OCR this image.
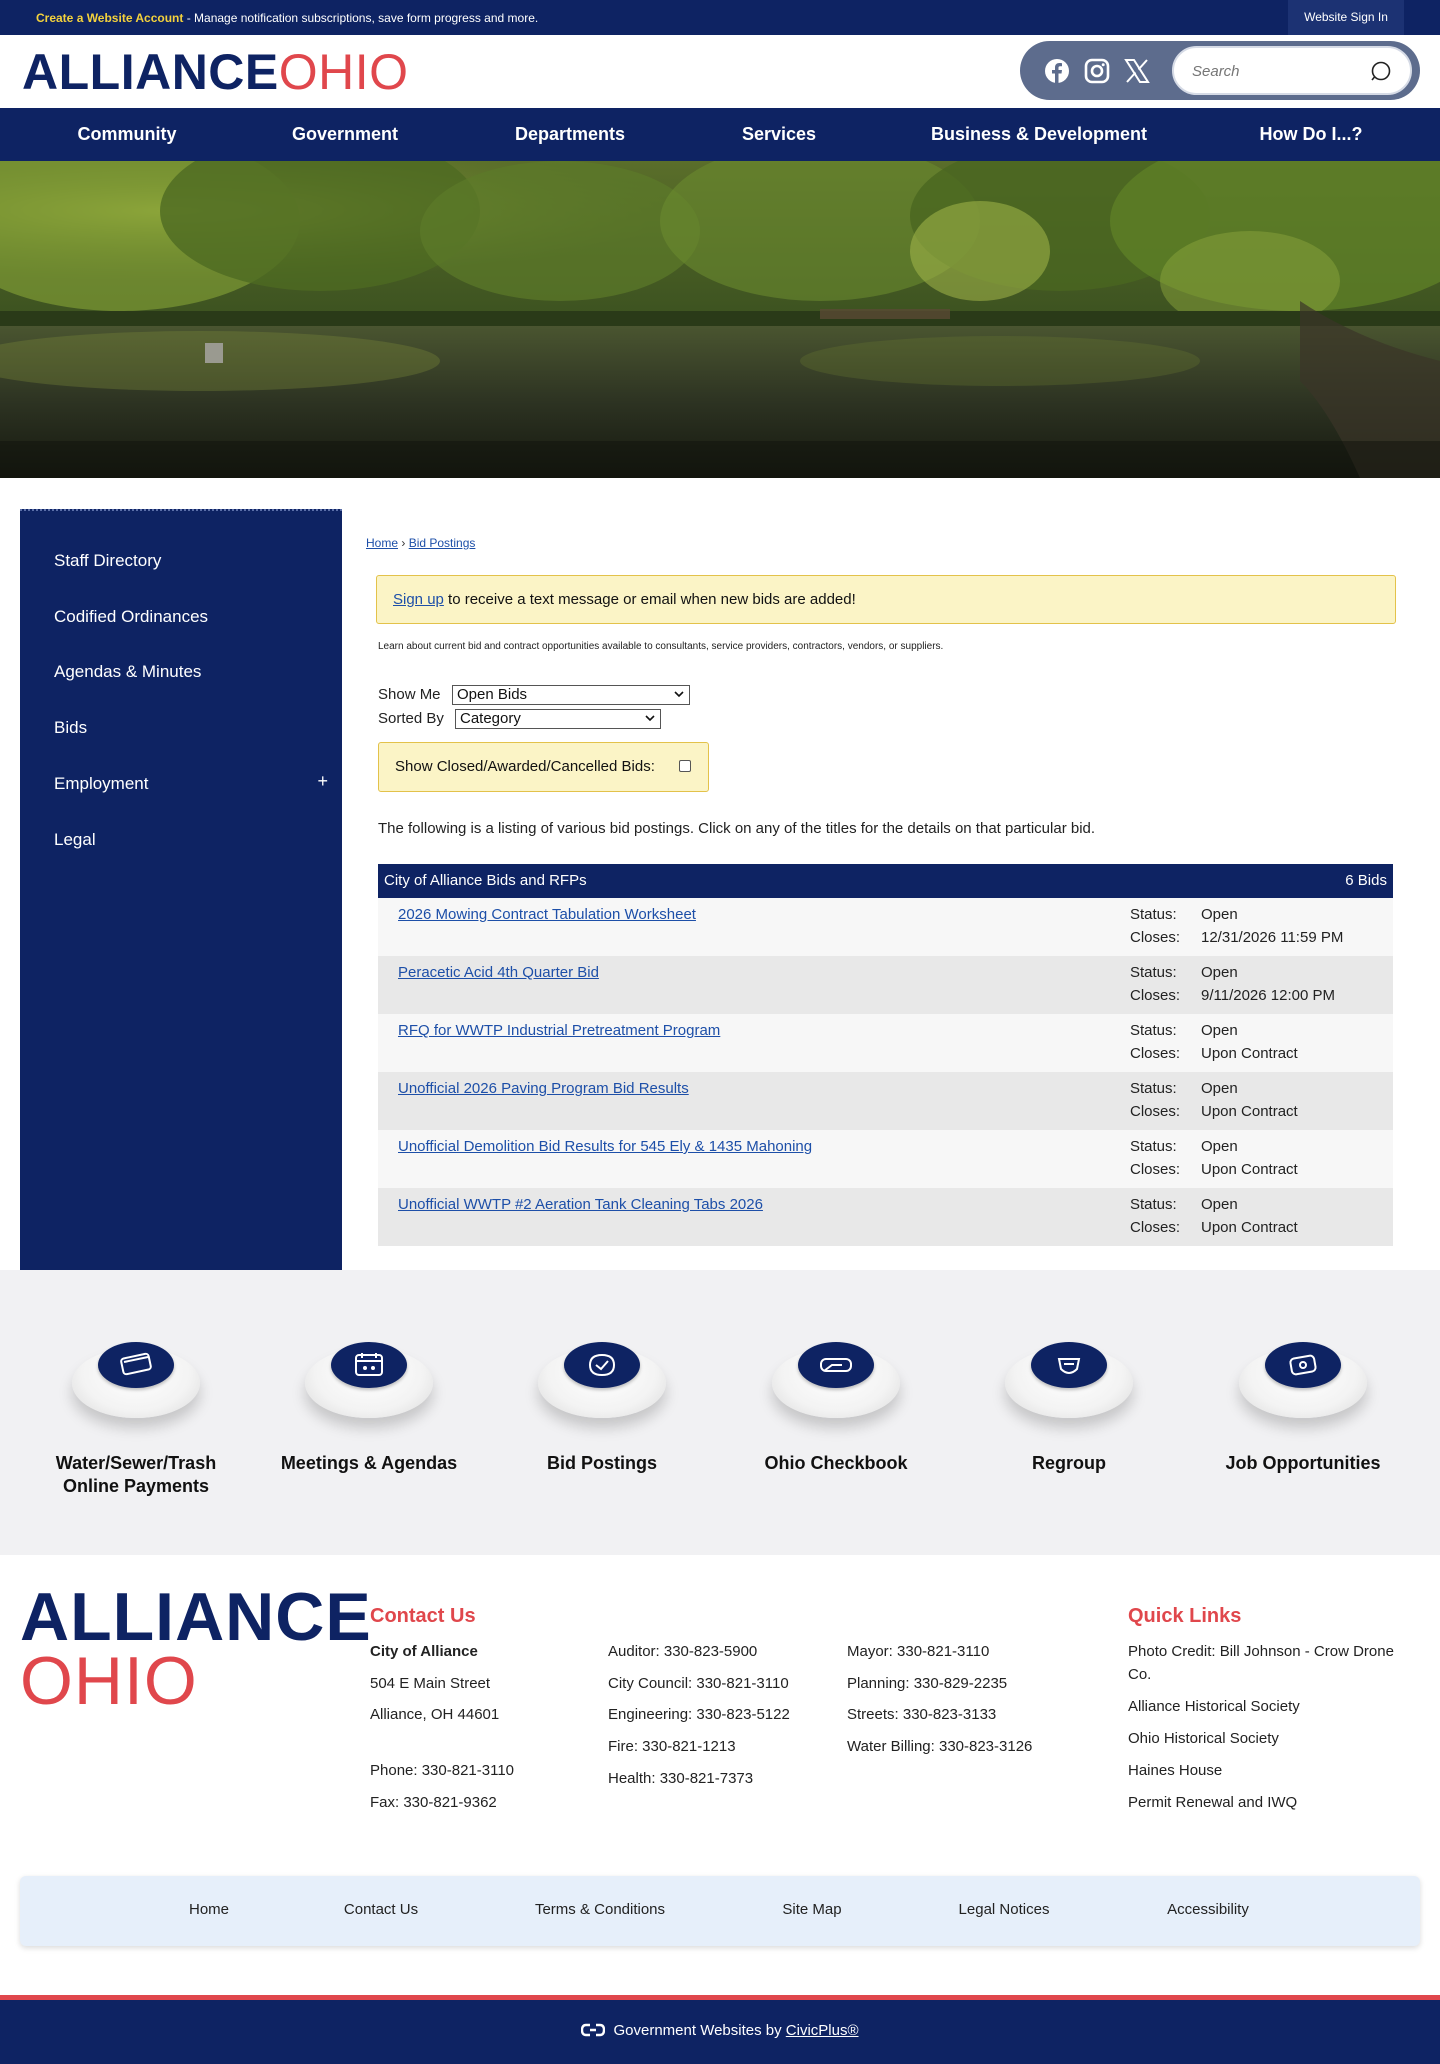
Create a Website Account - Manage notification subscriptions, save form progress and more.	Website Sign In
ALLIANCEOHIO
Search
Community	Government	Departments	Services	Business & Development	How Do I...?
Staff Directory
Codified Ordinances
Agendas & Minutes
Bids
Employment	+
Legal
Home › Bid Postings
Sign up to receive a text message or email when new bids are added!
Learn about current bid and contract opportunities available to consultants, service providers, contractors, vendors, or suppliers.
Show Me	Open Bids
Sorted By	Category
Show Closed/Awarded/Cancelled Bids:
The following is a listing of various bid postings. Click on any of the titles for the details on that particular bid.
City of Alliance Bids and RFPs	6 Bids
2026 Mowing Contract Tabulation Worksheet	Status: Open
Closes: 12/31/2026 11:59 PM
Peracetic Acid 4th Quarter Bid	Status: Open
Closes: 9/11/2026 12:00 PM
RFQ for WWTP Industrial Pretreatment Program	Status: Open
Closes: Upon Contract
Unofficial 2026 Paving Program Bid Results	Status: Open
Closes: Upon Contract
Unofficial Demolition Bid Results for 545 Ely & 1435 Mahoning	Status: Open
Closes: Upon Contract
Unofficial WWTP #2 Aeration Tank Cleaning Tabs 2026	Status: Open
Closes: Upon Contract
Water/Sewer/Trash
Online Payments
Meetings & Agendas	Bid Postings	Ohio Checkbook	Regroup	Job Opportunities
ALLIANCE
OHIO
Contact Us
City of Alliance
504 E Main Street
Alliance, OH 44601
Phone: 330-821-3110
Fax: 330-821-9362
Auditor: 330-823-5900
City Council: 330-821-3110
Engineering: 330-823-5122
Fire: 330-821-1213
Health: 330-821-7373
Mayor: 330-821-3110
Planning: 330-829-2235
Streets: 330-823-3133
Water Billing: 330-823-3126
Quick Links
Photo Credit: Bill Johnson - Crow Drone
Co.
Alliance Historical Society
Ohio Historical Society
Haines House
Permit Renewal and IWQ
Home	Contact Us	Terms & Conditions	Site Map	Legal Notices	Accessibility
Government Websites by CivicPlus®
